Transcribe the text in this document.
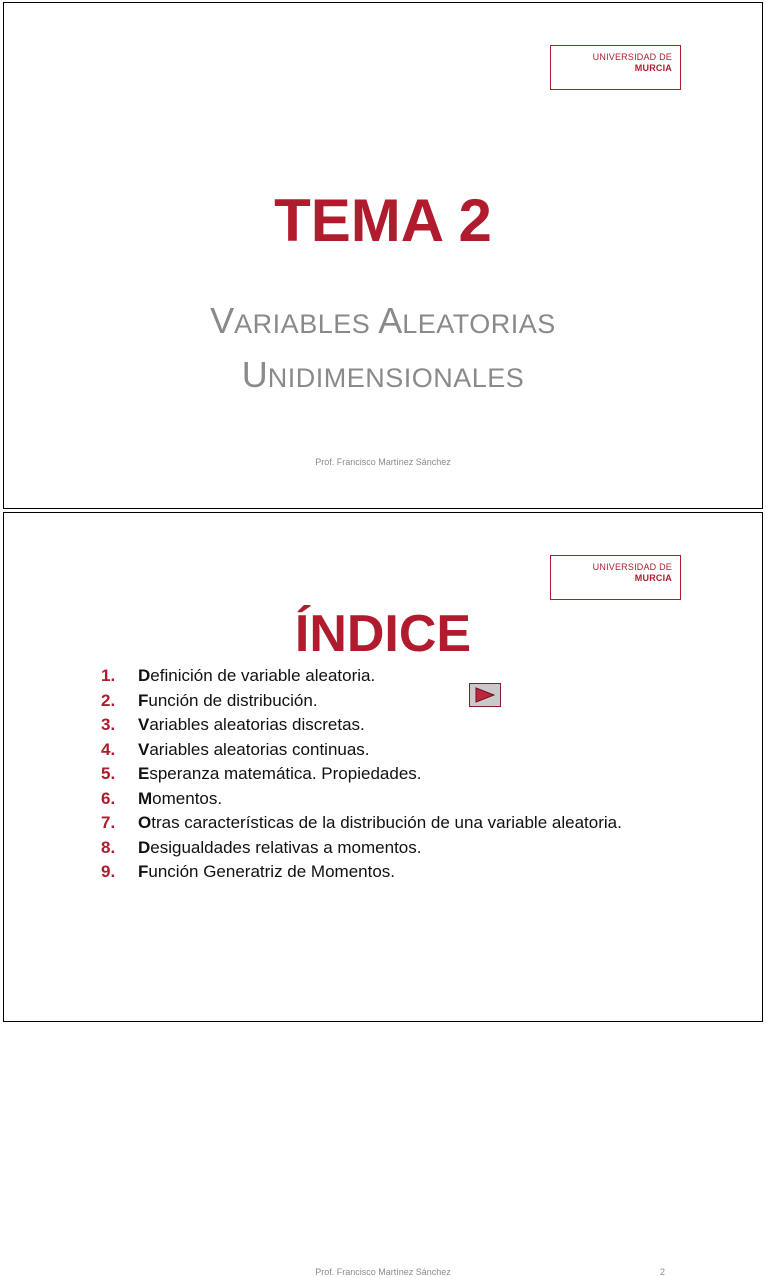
UNIVERSIDAD DE
MURCIA
TEMA 2
VARIABLES ALEATORIAS
UNIDIMENSIONALES
Prof. Francisco Martínez Sánchez
UNIVERSIDAD DE
MURCIA
ÍNDICE
1.	Definición de variable aleatoria.
2.	Función de distribución.
3.	Variables aleatorias discretas.
4.	Variables aleatorias continuas.
5.	Esperanza matemática. Propiedades.
6.	Momentos.
7.	Otras características de la distribución de una variable aleatoria.
8.	Desigualdades relativas a momentos.
9.	Función Generatriz de Momentos.
Prof. Francisco Martínez Sánchez	2
